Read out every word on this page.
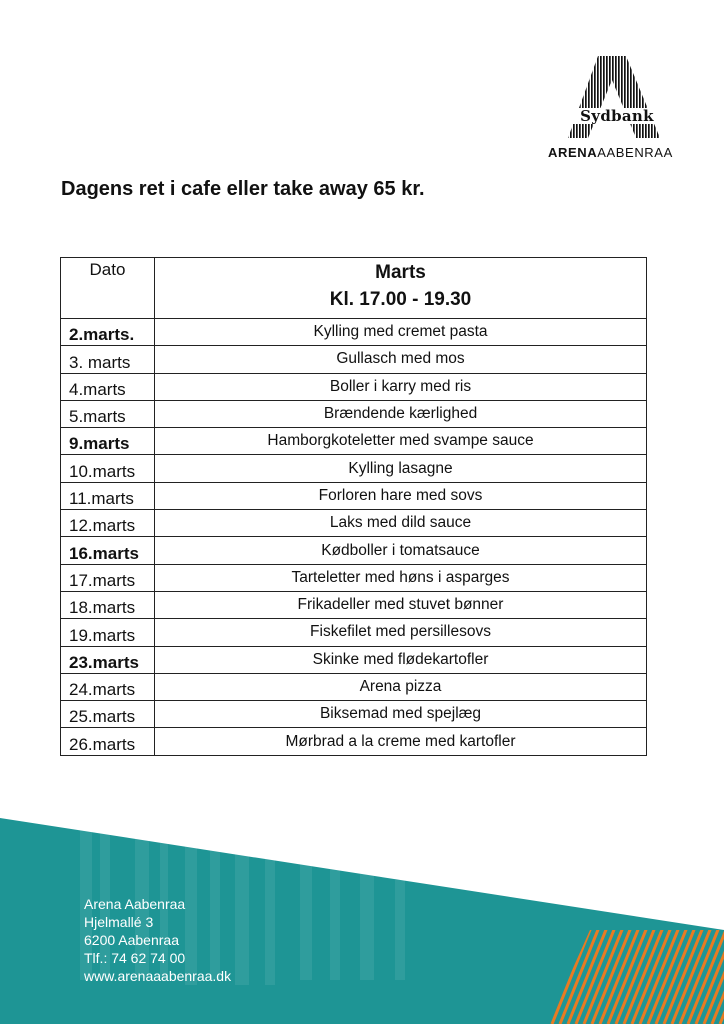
Sydbank
ARENAAABENRAA
Dagens ret i cafe eller take away 65 kr.
Dato	Marts
Kl. 17.00 - 19.30

2.marts.	Kylling med cremet pasta
3. marts	Gullasch med mos
4.marts	Boller i karry med ris
5.marts	Brændende kærlighed
9.marts	Hamborgkoteletter med svampe sauce
10.marts	Kylling lasagne
11.marts	Forloren hare med sovs
12.marts	Laks med dild sauce
16.marts	Kødboller i tomatsauce
17.marts	Tarteletter med høns i asparges
18.marts	Frikadeller med stuvet bønner
19.marts	Fiskefilet med persillesovs
23.marts	Skinke med flødekartofler
24.marts	Arena pizza
25.marts	Biksemad med spejlæg
26.marts	Mørbrad a la creme med kartofler
Arena Aabenraa
Hjelmallé 3
6200 Aabenraa
Tlf.: 74 62 74 00
www.arenaaabenraa.dk
